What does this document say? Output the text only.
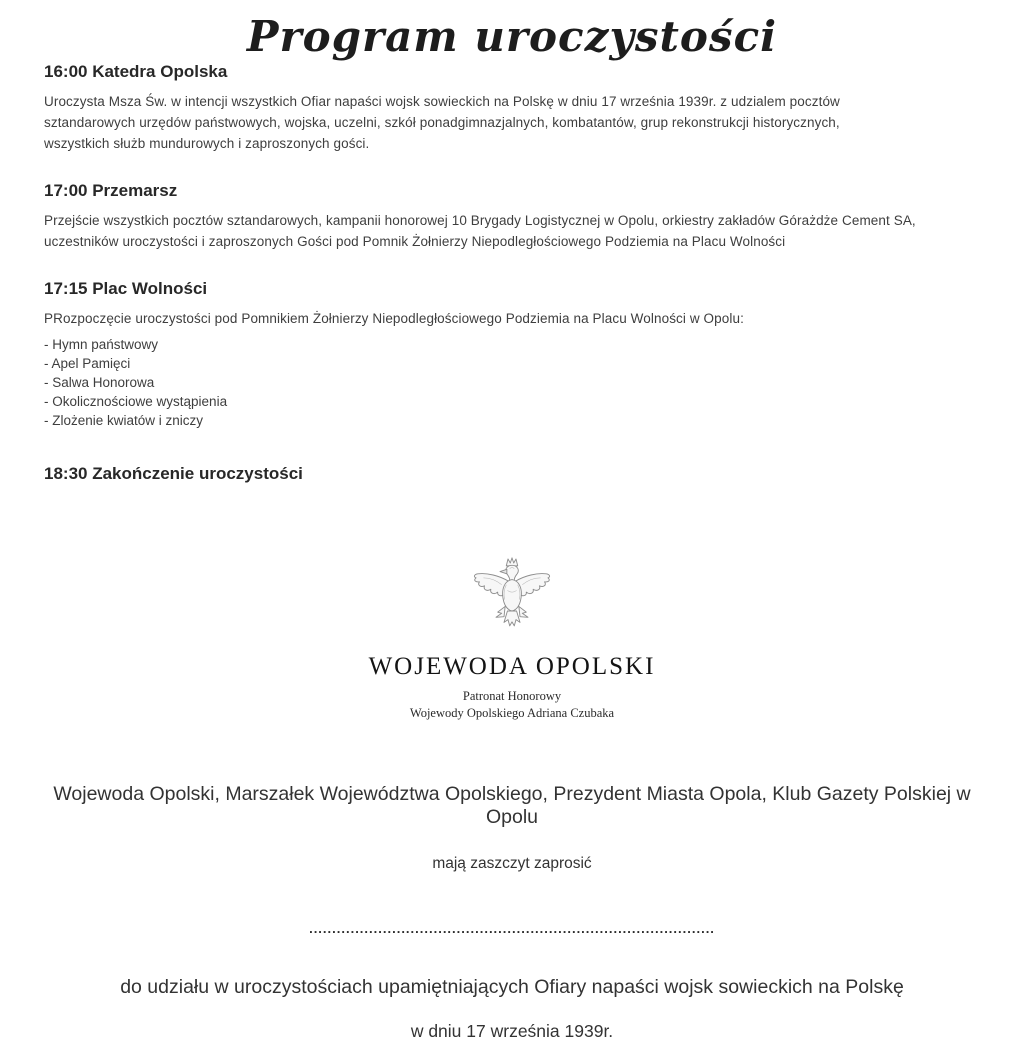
Program uroczystości
16:00 Katedra Opolska

Uroczysta Msza Św. w intencji wszystkich Ofiar napaści wojsk sowieckich na Polskę w dniu 17 września 1939r. z udzialem pocztów sztandarowych urzędów państwowych, wojska, uczelni, szkół ponadgimnazjalnych, kombatantów, grup rekonstrukcji historycznych, wszystkich służb mundurowych i zaproszonych gości.

17:00 Przemarsz

Przejście wszystkich pocztów sztandarowych, kampanii honorowej 10 Brygady Logistycznej w Opolu, orkiestry zakładów Górażdże Cement SA, uczestników uroczystości i zaproszonych Gości pod Pomnik Żołnierzy Niepodległościowego Podziemia na Placu Wolności

17:15 Plac Wolności

PRozpoczęcie uroczystości pod Pomnikiem Żołnierzy Niepodległościowego Podziemia na Placu Wolności w Opolu:

- Hymn państwowy
- Apel Pamięci
- Salwa Honorowa
- Okolicznościowe wystąpienia
- Zlożenie kwiatów i zniczy
18:30 Zakończenie uroczystości
WOJEWODA OPOLSKI
Patronat Honorowy
Wojewody Opolskiego Adriana Czubaka
Wojewoda Opolski, Marszałek Województwa Opolskiego, Prezydent Miasta Opola, Klub Gazety Polskiej w Opolu
mają zaszczyt zaprosić
........................................................................................
do udziału w uroczystościach upamiętniających Ofiary napaści wojsk sowieckich na Polskę
w dniu 17 września 1939r.
